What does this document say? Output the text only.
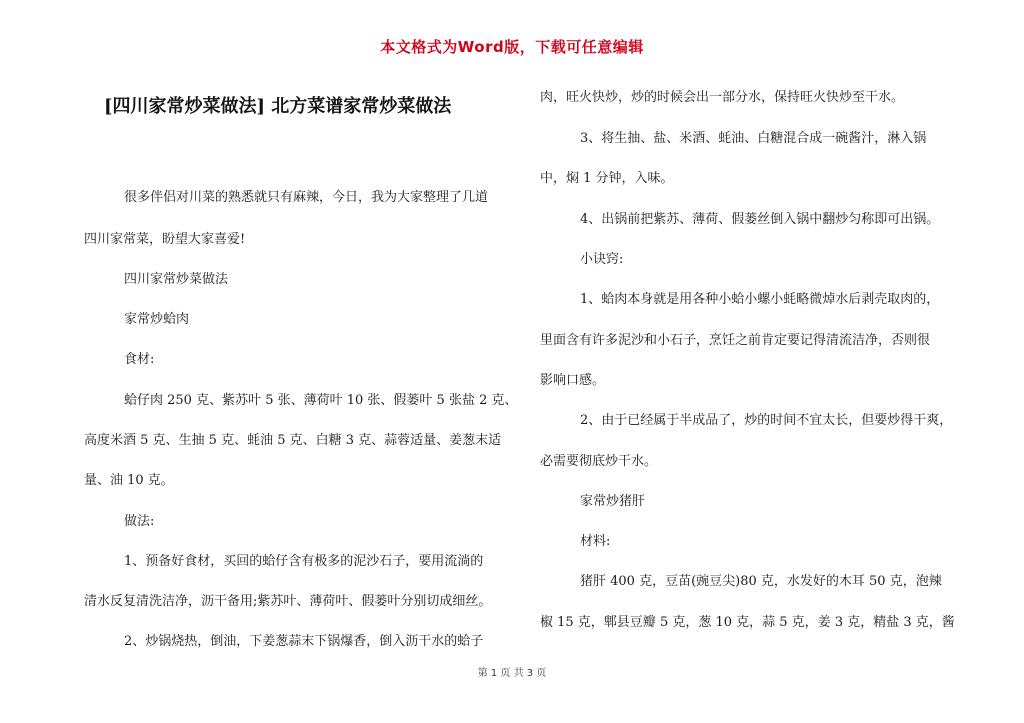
本文格式为Word版，下载可任意编辑
[四川家常炒菜做法] 北方菜谱家常炒菜做法
很多伴侣对川菜的熟悉就只有麻辣，今日，我为大家整理了几道
四川家常菜，盼望大家喜爱!
四川家常炒菜做法
家常炒蛤肉
食材:
蛤仔肉 250 克、紫苏叶 5 张、薄荷叶 10 张、假蒌叶 5 张盐 2 克、
高度米酒 5 克、生抽 5 克、蚝油 5 克、白糖 3 克、蒜蓉适量、姜葱末适
量、油 10 克。
做法:
1、预备好食材，买回的蛤仔含有极多的泥沙石子，要用流淌的
清水反复清洗洁净，沥干备用;紫苏叶、薄荷叶、假蒌叶分别切成细丝。
2、炒锅烧热，倒油，下姜葱蒜末下锅爆香，倒入沥干水的蛤子
肉，旺火快炒，炒的时候会出一部分水，保持旺火快炒至干水。
3、将生抽、盐、米酒、蚝油、白糖混合成一碗酱汁，淋入锅
中，焖 1 分钟，入味。
4、出锅前把紫苏、薄荷、假蒌丝倒入锅中翻炒匀称即可出锅。
小诀窍:
1、蛤肉本身就是用各种小蛤小螺小蚝略微焯水后剥壳取肉的，
里面含有许多泥沙和小石子，烹饪之前肯定要记得清流洁净，否则很
影响口感。
2、由于已经属于半成品了，炒的时间不宜太长，但要炒得干爽，
必需要彻底炒干水。
家常炒猪肝
材料:
猪肝 400 克，豆苗(豌豆尖)80 克，水发好的木耳 50 克，泡辣
椒 15 克，郫县豆瓣 5 克，葱 10 克，蒜 5 克，姜 3 克，精盐 3 克，酱
第 1 页 共 3 页
